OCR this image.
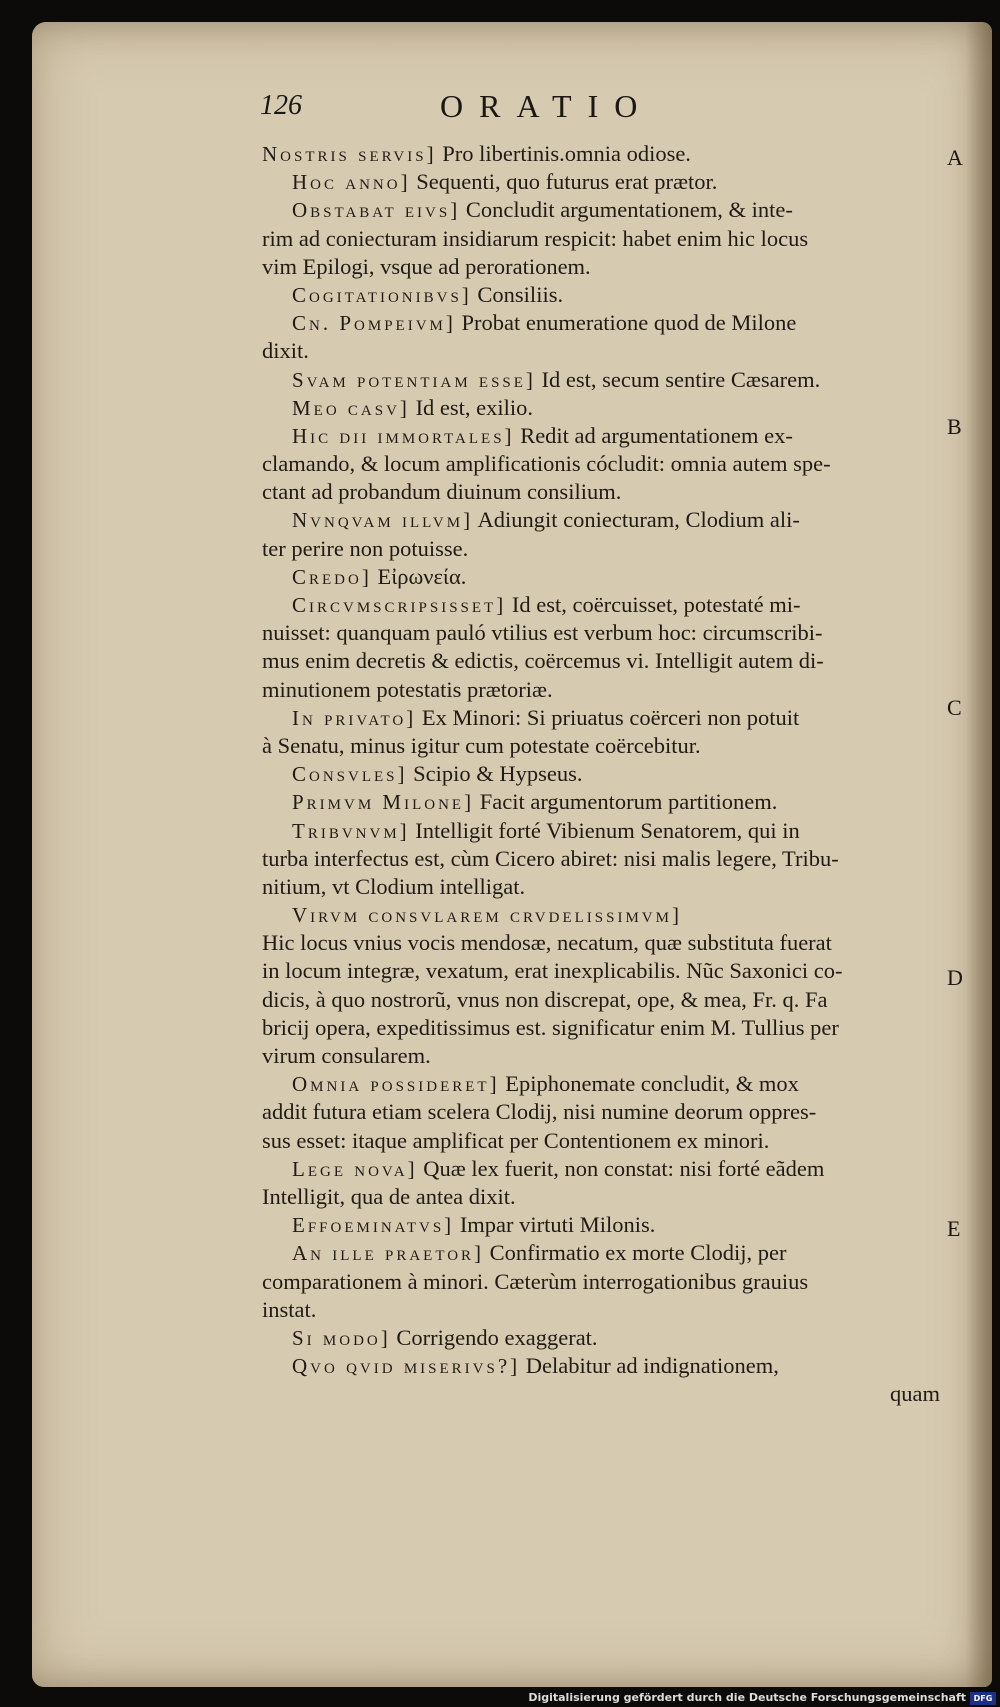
126	ORATIO
Nostris servis] Pro libertinis.omnia odiose.
Hoc anno] Sequenti, quo futurus erat prætor.
Obstabat eivs] Concludit argumentationem, & inte-
rim ad coniecturam insidiarum respicit: habet enim hic locus
vim Epilogi, vsque ad perorationem.
Cogitationibvs] Consiliis.
Cn. Pompeivm] Probat enumeratione quod de Milone
dixit.
Svam potentiam esse] Id est, secum sentire Cæsarem.
Meo casv] Id est, exilio.
Hic dii immortales] Redit ad argumentationem ex-
clamando, & locum amplificationis cócludit: omnia autem spe-
ctant ad probandum diuinum consilium.
Nvnqvam illvm] Adiungit coniecturam, Clodium ali-
ter perire non potuisse.
Credo] Εἰρωνεία.
Circvmscripsisset] Id est, coërcuisset, potestaté mi-
nuisset: quanquam pauló vtilius est verbum hoc: circumscribi-
mus enim decretis & edictis, coërcemus vi. Intelligit autem di-
minutionem potestatis prætoriæ.
In privato] Ex Minori: Si priuatus coërceri non potuit
à Senatu, minus igitur cum potestate coërcebitur.
Consvles] Scipio & Hypseus.
Primvm Milone] Facit argumentorum partitionem.
Tribvnvm] Intelligit forté Vibienum Senatorem, qui in
turba interfectus est, cùm Cicero abiret: nisi malis legere, Tribu-
nitium, vt Clodium intelligat.
Virvm consvlarem crvdelissimvm]
Hic locus vnius vocis mendosæ, necatum, quæ substituta fuerat
in locum integræ, vexatum, erat inexplicabilis. Nũc Saxonici co-
dicis, à quo nostrorũ, vnus non discrepat, ope, & mea, Fr. q. Fa
bricij opera, expeditissimus est. significatur enim M. Tullius per
virum consularem.
Omnia possideret] Epiphonemate concludit, & mox
addit futura etiam scelera Clodij, nisi numine deorum oppres-
sus esset: itaque amplificat per Contentionem ex minori.
Lege nova] Quæ lex fuerit, non constat: nisi forté eãdem
Intelligit, qua de antea dixit.
Effoeminatvs] Impar virtuti Milonis.
An ille praetor] Confirmatio ex morte Clodij, per
comparationem à minori. Cæterùm interrogationibus grauius
instat.
Si modo] Corrigendo exaggerat.
Qvo qvid miserivs?] Delabitur ad indignationem,
quam
A
B
C
D
E
Digitalisierung gefördert durch die Deutsche Forschungsgemeinschaft DFG
